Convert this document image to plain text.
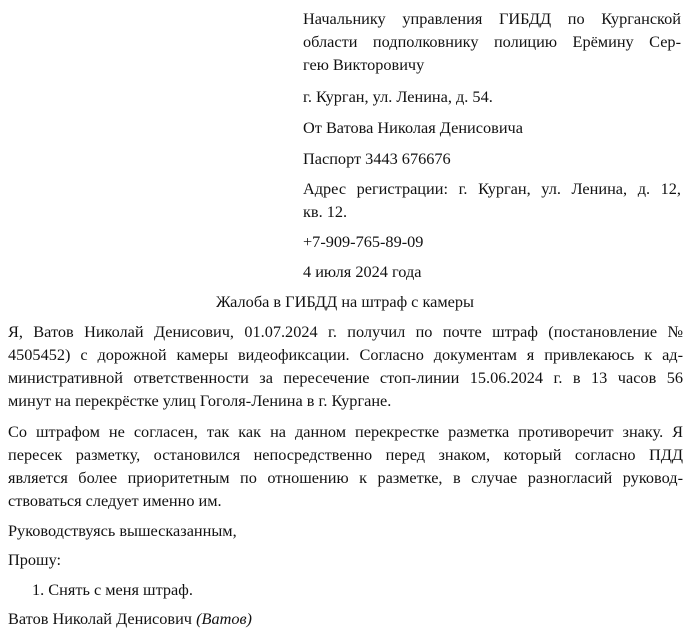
Начальнику управления ГИБДД по Курганской
области подполковнику полицию Ерёмину Сер-
гею Викторовичу
г. Курган, ул. Ленина, д. 54.
От Ватова Николая Денисовича
Паспорт 3443 676676
Адрес регистрации: г. Курган, ул. Ленина, д. 12,
кв. 12.
+7-909-765-89-09
4 июля 2024 года
Жалоба в ГИБДД на штраф с камеры
Я, Ватов Николай Денисович, 01.07.2024 г. получил по почте штраф (постановление №
4505452) с дорожной камеры видеофиксации. Согласно документам я привлекаюсь к ад-
министративной ответственности за пересечение стоп-линии 15.06.2024 г. в 13 часов 56
минут на перекрёстке улиц Гоголя-Ленина в г. Кургане.
Со штрафом не согласен, так как на данном перекрестке разметка противоречит знаку. Я
пересек разметку, остановился непосредственно перед знаком, который согласно ПДД
является более приоритетным по отношению к разметке, в случае разногласий руковод-
ствоваться следует именно им.
Руководствуясь вышесказанным,
Прошу:
1. Снять с меня штраф.
Ватов Николай Денисович (Ватов)
